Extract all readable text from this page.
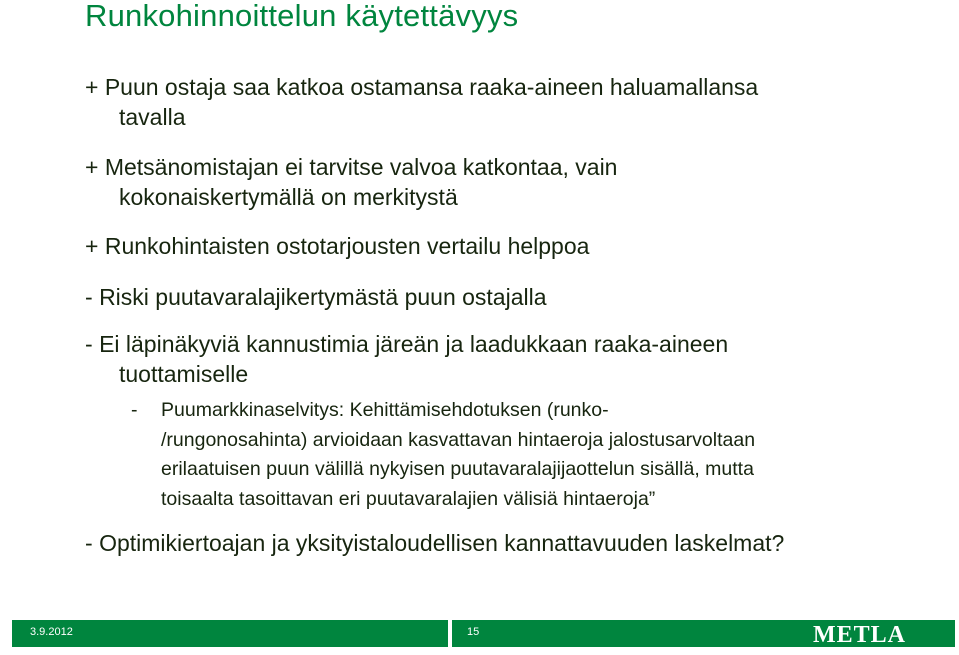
Runkohinnoittelun käytettävyys
+ Puun ostaja saa katkoa ostamansa raaka-aineen haluamallansa
tavalla
+ Metsänomistajan ei tarvitse valvoa katkontaa, vain
kokonaiskertymällä on merkitystä
+ Runkohintaisten ostotarjousten vertailu helppoa
- Riski puutavaralajikertymästä puun ostajalla
- Ei läpinäkyviä kannustimia järeän ja laadukkaan raaka-aineen
tuottamiselle
-	Puumarkkinaselvitys: Kehittämisehdotuksen (runko-
/rungonosahinta) arvioidaan kasvattavan hintaeroja jalostusarvoltaan
erilaatuisen puun välillä nykyisen puutavaralajijaottelun sisällä, mutta
toisaalta tasoittavan eri puutavaralajien välisiä hintaeroja”
- Optimikiertoajan ja yksityistaloudellisen kannattavuuden laskelmat?
3.9.2012	15	METLA
